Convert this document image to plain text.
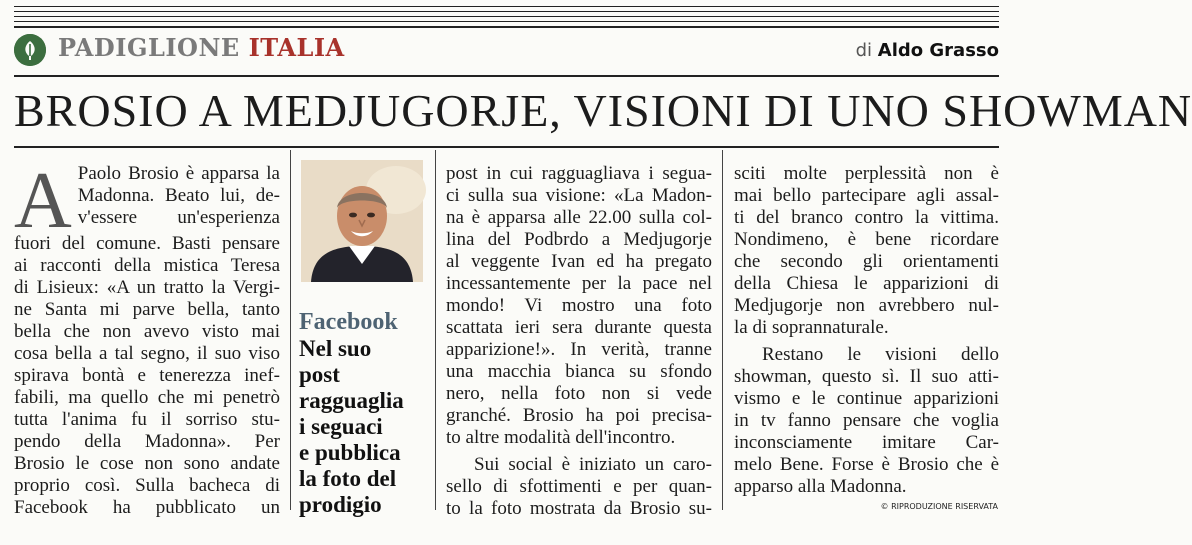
PADIGLIONE ITALIA	di Aldo Grasso
BROSIO A MEDJUGORJE, VISIONI DI UNO SHOWMAN
A Paolo Brosio è apparsa la
Madonna. Beato lui, de-
v'essere un'esperienza
fuori del comune. Basti pensare
ai racconti della mistica Teresa
di Lisieux: «A un tratto la Vergi-
ne Santa mi parve bella, tanto
bella che non avevo visto mai
cosa bella a tal segno, il suo viso
spirava bontà e tenerezza inef-
fabili, ma quello che mi penetrò
tutta l'anima fu il sorriso stu-
pendo della Madonna». Per
Brosio le cose non sono andate
proprio così. Sulla bacheca di
Facebook ha pubblicato un
Facebook
Nel suo
post
ragguaglia
i seguaci
e pubblica
la foto del
prodigio
post in cui ragguagliava i segua-
ci sulla sua visione: «La Madon-
na è apparsa alle 22.00 sulla col-
lina del Podbrdo a Medjugorje
al veggente Ivan ed ha pregato
incessantemente per la pace nel
mondo! Vi mostro una foto
scattata ieri sera durante questa
apparizione!». In verità, tranne
una macchia bianca su sfondo
nero, nella foto non si vede
granché. Brosio ha poi precisa-
to altre modalità dell'incontro.
Sui social è iniziato un caro-
sello di sfottimenti e per quan-
to la foto mostrata da Brosio su-
sciti molte perplessità non è
mai bello partecipare agli assal-
ti del branco contro la vittima.
Nondimeno, è bene ricordare
che secondo gli orientamenti
della Chiesa le apparizioni di
Medjugorje non avrebbero nul-
la di soprannaturale.
Restano le visioni dello
showman, questo sì. Il suo atti-
vismo e le continue apparizioni
in tv fanno pensare che voglia
inconsciamente imitare Car-
melo Bene. Forse è Brosio che è
apparso alla Madonna.
© RIPRODUZIONE RISERVATA
